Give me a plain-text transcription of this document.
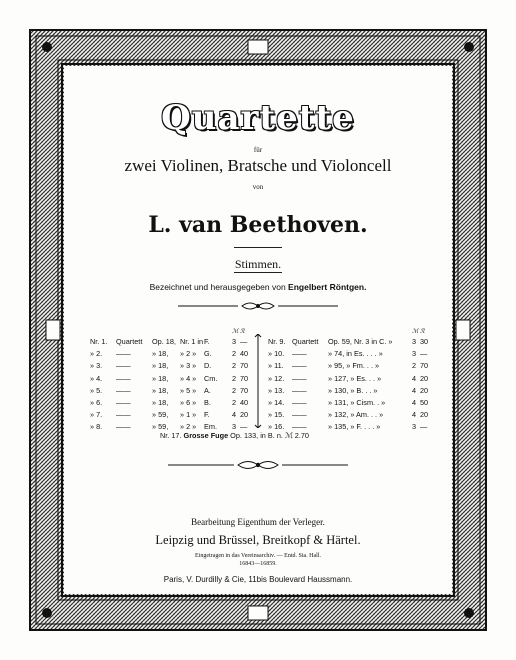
Quartette
für
zwei Violinen, Bratsche und Violoncell
von
L. van Beethoven.
Stimmen.
Bezeichnet und herausgegeben von Engelbert Röntgen.
ℳ ℛ	ℳ ℛ
Nr. 1. Quartett Op. 18, Nr. 1 in F.	3 —
» 2. ——	» 18, » 2 » G.	2 40
» 3. ——	» 18, » 3 » D.	2 70
» 4. ——	» 18, » 4 » Cm. 2 70
» 5. ——	» 18, » 5 » A.	2 70
» 6. ——	» 18, » 6 » B.	2 40
» 7. ——	» 59, » 1 » F.	4 20
» 8. ——	» 59, » 2 » Em. 3 —
Nr. 9. Quartett Op. 59, Nr. 3 in C. »	3 30
» 10. ——	» 74, in Es. . . . »	3 —
» 11. ——	» 95, » Fm. . . »	2 70
» 12. ——	» 127, » Es. . . »	4 20
» 13. ——	» 130, » B. . . »	4 20
» 14. ——	» 131, » Cism. . »	4 50
» 15. ——	» 132, » Am. . . »	4 20
» 16. ——	» 135, » F. . . . »	3 —
Nr. 17. Grosse Fuge Op. 133, in B. n. ℳ 2.70
Bearbeitung Eigenthum der Verleger.
Leipzig und Brüssel, Breitkopf & Härtel.
Eingetragen in das Vereinsarchiv. — Entd. Sta. Hall.
16843—16859.
Paris, V. Durdilly & Cie, 11bis Boulevard Haussmann.
